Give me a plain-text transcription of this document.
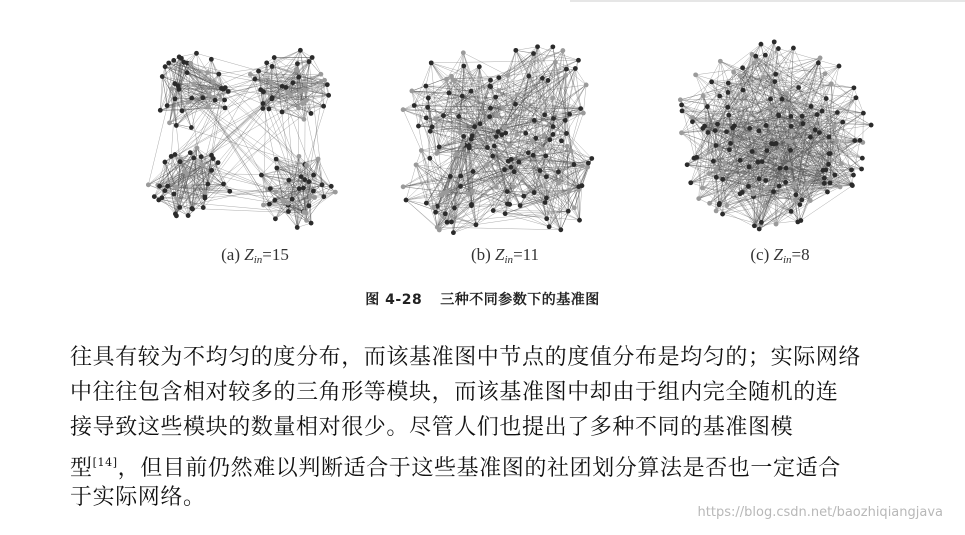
(a) $Z_{in}=15$	(b) $Z_{in}=11$	(c) $Z_{in}=8$
图 4-28 三种不同参数下的基准图
往具有较为不均匀的度分布，而该基准图中节点的度值分布是均匀的；实际网络
中往往包含相对较多的三角形等模块，而该基准图中却由于组内完全随机的连
接导致这些模块的数量相对很少。尽管人们也提出了多种不同的基准图模
型[14]，但目前仍然难以判断适合于这些基准图的社团划分算法是否也一定适合
于实际网络。
https://blog.csdn.net/baozhiqiangjava
